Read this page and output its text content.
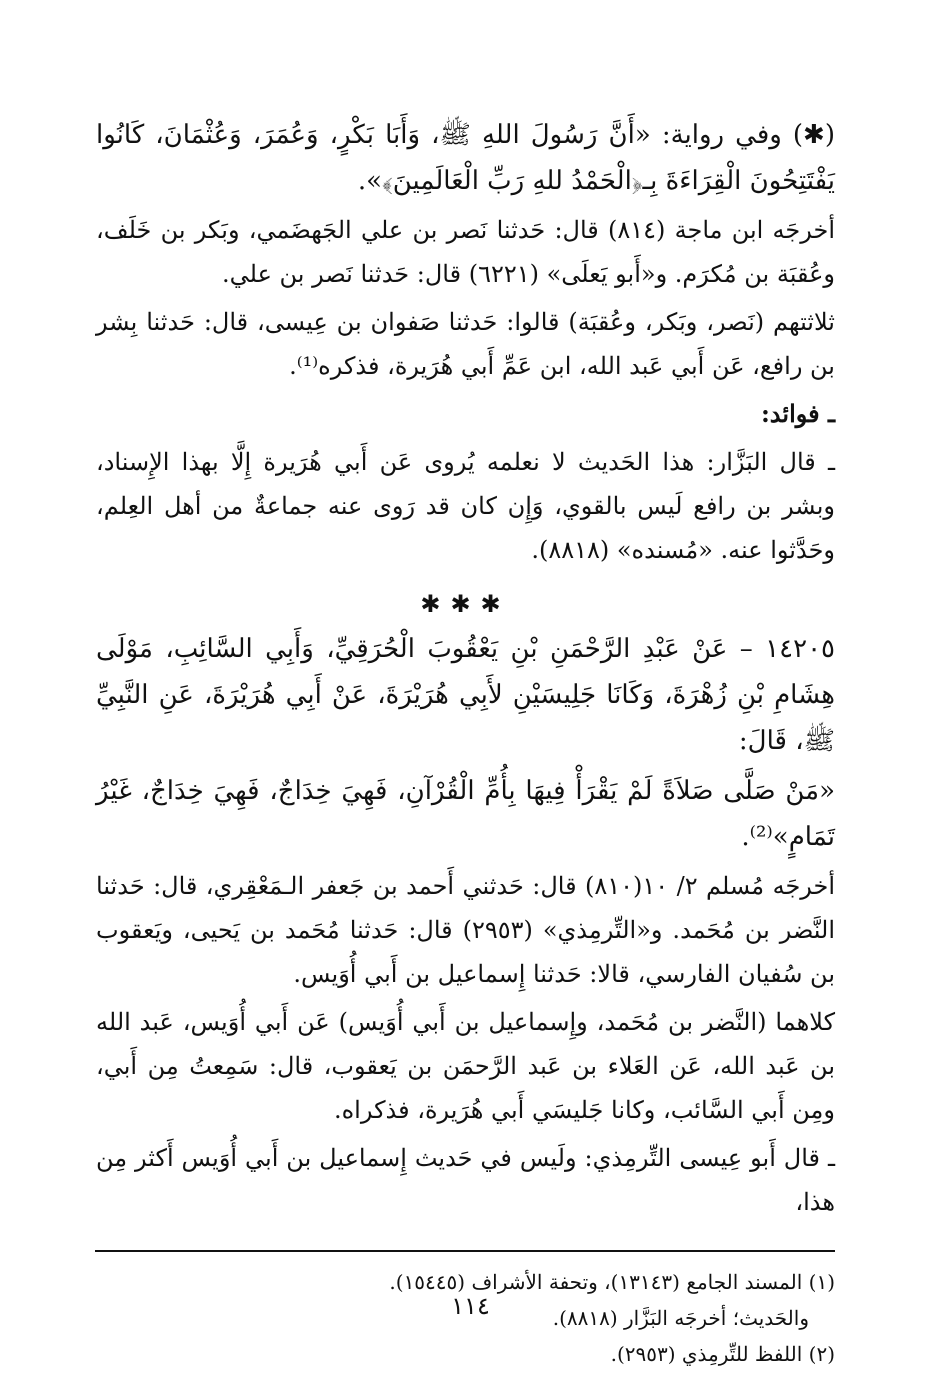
(✱) وفي رواية: «أَنَّ رَسُولَ اللهِ ﷺ، وَأَبَا بَكْرٍ، وَعُمَرَ، وَعُثْمَانَ، كَانُوا يَفْتَتِحُونَ الْقِرَاءَةَ بِـ﴿الْحَمْدُ للهِ رَبِّ الْعَالَمِينَ﴾».

أخرجَه ابن ماجة (٨١٤) قال: حَدثنا نَصر بن علي الجَهضَمي، وبَكر بن خَلَف، وعُقبَة بن مُكرَم. و«أَبو يَعلَى» (٦٢٢١) قال: حَدثنا نَصر بن علي.

ثلاثتهم (نَصر، وبَكر، وعُقبَة) قالوا: حَدثنا صَفوان بن عِيسى، قال: حَدثنا بِشر بن رافع، عَن أَبي عَبد الله، ابن عَمِّ أَبي هُرَيرة، فذكره⁽¹⁾.

ـ فوائد:

ـ قال البَزَّار: هذا الحَديث لا نعلمه يُروى عَن أَبي هُرَيرة إِلَّا بهذا الإِسناد، وبشر بن رافع لَيس بالقوي، وَإِن كان قد رَوى عنه جماعةٌ من أهل العِلم، وحَدَّثوا عنه. «مُسنده» (٨٨١٨).

✱✱✱

١٤٢٠٥ – عَنْ عَبْدِ الرَّحْمَنِ بْنِ يَعْقُوبَ الْحُرَقِيِّ، وَأَبِي السَّائِبِ، مَوْلَى هِشَامِ بْنِ زُهْرَةَ، وَكَانَا جَلِيسَيْنِ لأَبِي هُرَيْرَةَ، عَنْ أَبِي هُرَيْرَةَ، عَنِ النَّبِيِّ ﷺ، قَالَ:

«مَنْ صَلَّى صَلاَةً لَمْ يَقْرَأْ فِيهَا بِأُمِّ الْقُرْآنِ، فَهِيَ خِدَاجٌ، فَهِيَ خِدَاجٌ، غَيْرُ تَمَامٍ»⁽²⁾.

أخرجَه مُسلم ٢/ ١٠(٨١٠) قال: حَدثني أَحمد بن جَعفر الـمَعْقِري، قال: حَدثنا النَّضر بن مُحَمد. و«التِّرمِذي» (٢٩٥٣) قال: حَدثنا مُحَمد بن يَحيى، ويَعقوب بن سُفيان الفارسي، قالا: حَدثنا إِسماعيل بن أَبي أُوَيس.

كلاهما (النَّضر بن مُحَمد، وإِسماعيل بن أَبي أُوَيس) عَن أَبي أُوَيس، عَبد الله بن عَبد الله، عَن العَلاء بن عَبد الرَّحمَن بن يَعقوب، قال: سَمِعتُ مِن أَبي، ومِن أَبي السَّائب، وكانا جَليسَي أَبي هُرَيرة، فذكراه.

ـ قال أَبو عِيسى التِّرمِذي: ولَيس في حَديث إِسماعيل بن أَبي أُوَيس أَكثر مِن هذا،

(١) المسند الجامع (١٣١٤٣)، وتحفة الأشراف (١٥٤٤٥).

والحَديث؛ أخرجَه البَزَّار (٨٨١٨).

(٢) اللفظ للتِّرمِذي (٢٩٥٣).

١١٤
